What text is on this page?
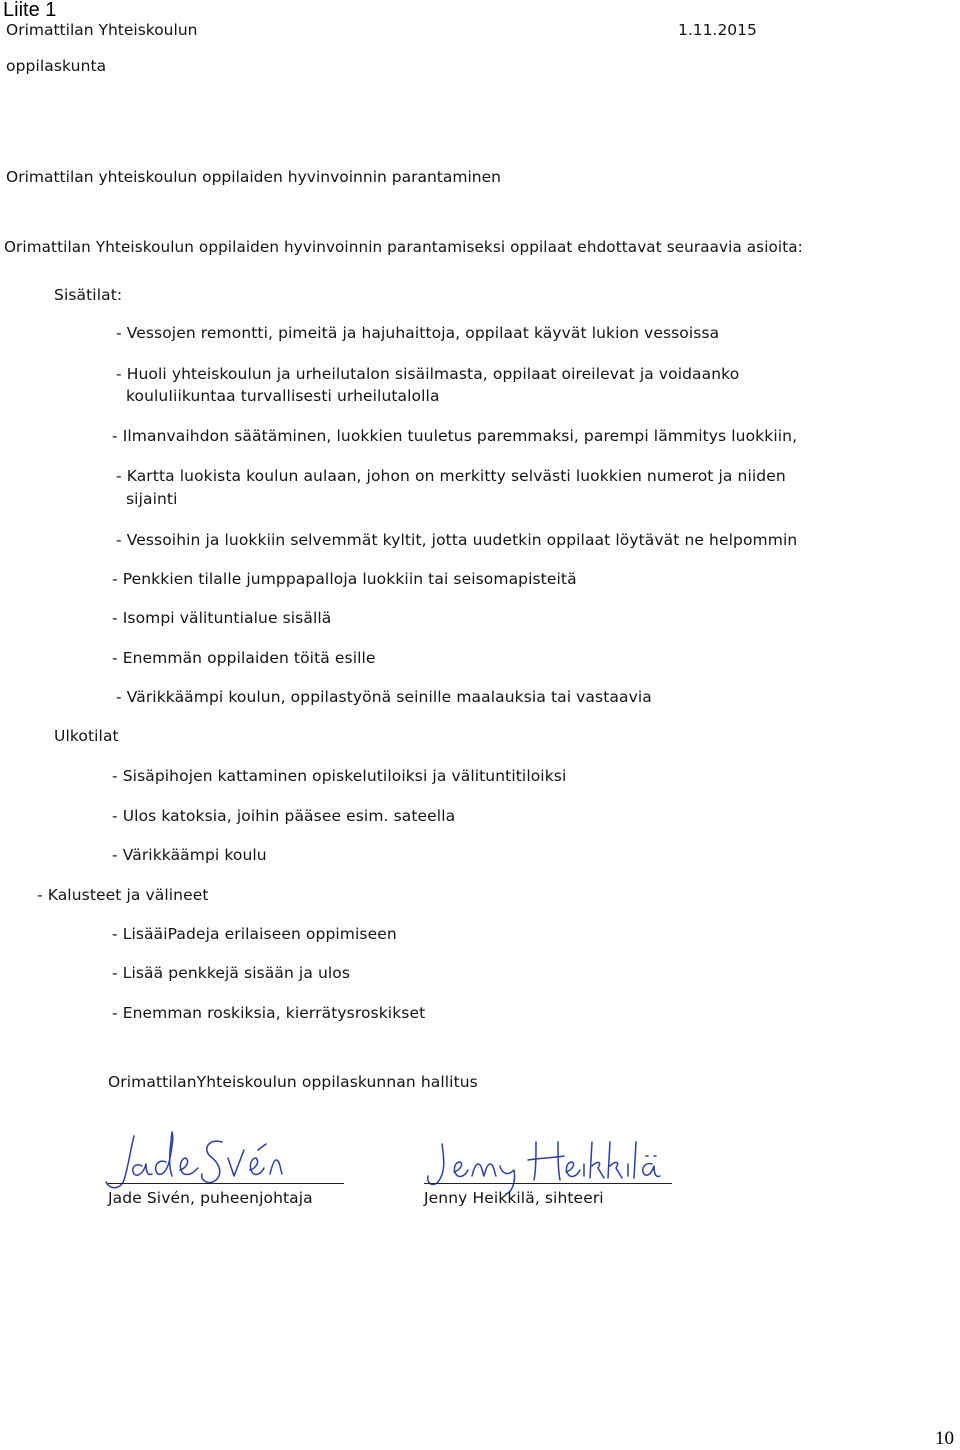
Liite 1
Orimattilan Yhteiskoulun	1.11.2015
oppilaskunta
Orimattilan yhteiskoulun oppilaiden hyvinvoinnin parantaminen
Orimattilan Yhteiskoulun oppilaiden hyvinvoinnin parantamiseksi oppilaat ehdottavat seuraavia asioita:
Sisätilat:
- Vessojen remontti, pimeitä ja hajuhaittoja, oppilaat käyvät lukion vessoissa
- Huoli yhteiskoulun ja urheilutalon sisäilmasta, oppilaat oireilevat ja voidaanko
kouluIiikuntaa turvallisesti urheilutalolla
- Ilmanvaihdon säätäminen, luokkien tuuletus paremmaksi, parempi lämmitys luokkiin,
- Kartta luokista koulun aulaan, johon on merkitty selvästi luokkien numerot ja niiden
sijainti
- Vessoihin ja luokkiin selvemmät kyltit, jotta uudetkin oppilaat löytävät ne helpommin
- Penkkien tilalle jumppapalloja luokkiin tai seisomapisteitä
- Isompi välituntialue sisällä
- Enemmän oppilaiden töitä esille
- Värikkäämpi koulun, oppilastyönä seinille maalauksia tai vastaavia
Ulkotilat
- Sisäpihojen kattaminen opiskelutiloiksi ja välituntitiloiksi
- Ulos katoksia, joihin pääsee esim. sateella
- Värikkäämpi koulu
- Kalusteet ja välineet
- LisääiPadeja erilaiseen oppimiseen
- Lisää penkkejä sisään ja ulos
- Enemman roskiksia, kierrätysroskikset
OrimattilanYhteiskoulun oppilaskunnan hallitus
Jade Sivén, puheenjohtaja	Jenny Heikkilä, sihteeri
10
